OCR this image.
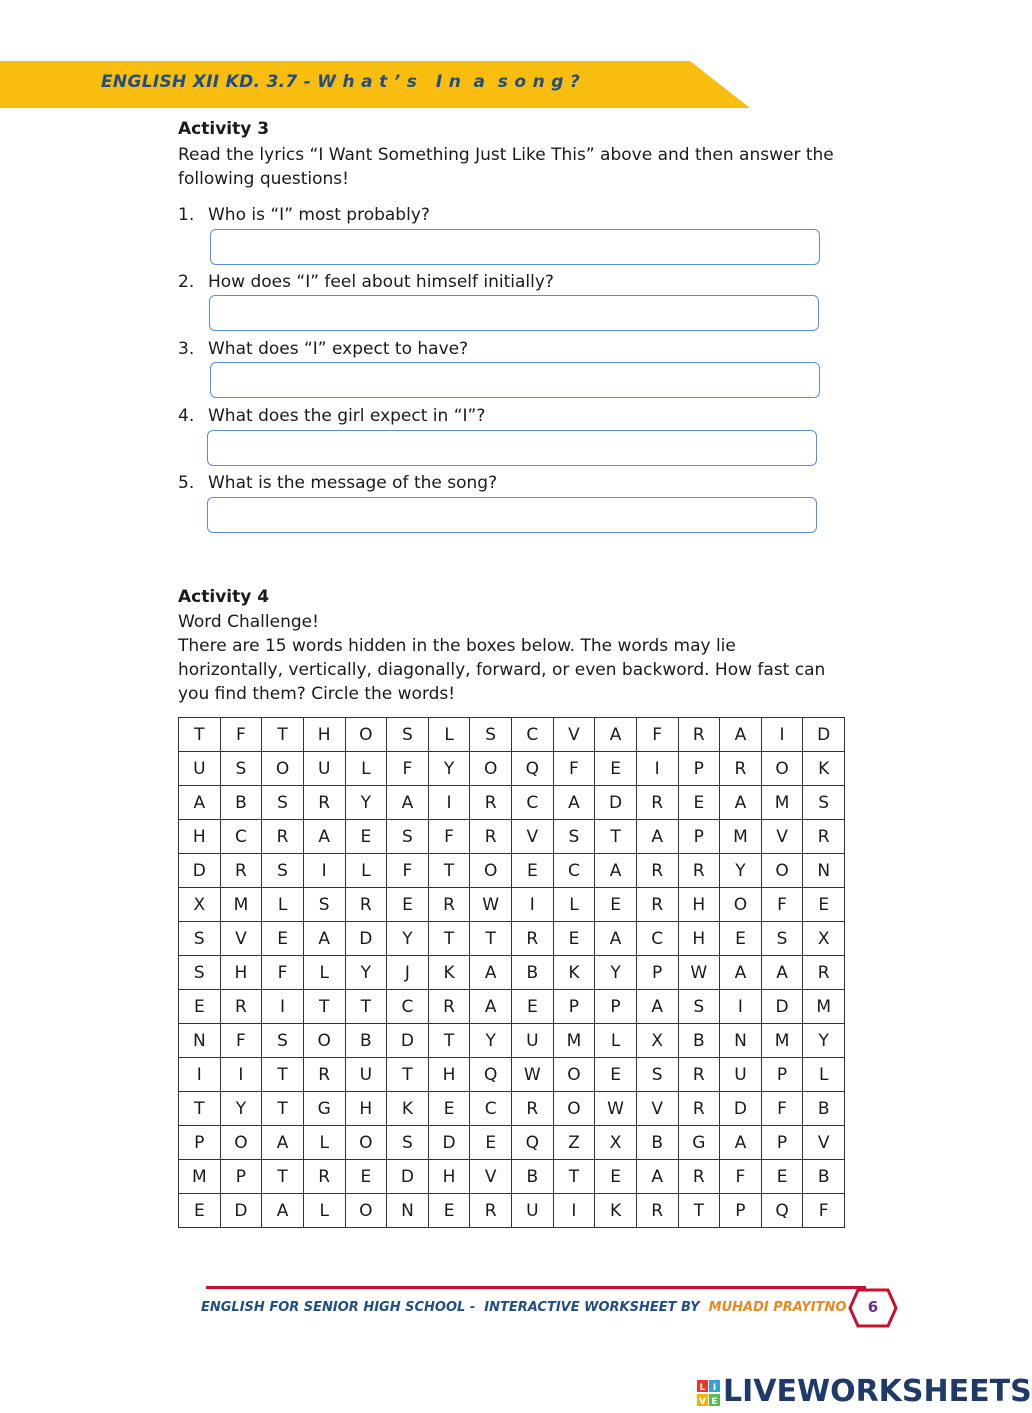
ENGLISH XII KD. 3.7 - W h a t ’ s   I n  a  s o n g ?
Activity 3
Read the lyrics “I Want Something Just Like This” above and then answer the following questions!
1. Who is “I” most probably?
2. How does “I” feel about himself initially?
3. What does “I” expect to have?
4. What does the girl expect in “I”?
5. What is the message of the song?
Activity 4
Word Challenge!
There are 15 words hidden in the boxes below. The words may lie horizontally, vertically, diagonally, forward, or even backword. How fast can you find them? Circle the words!
T	F	T	H	O	S	L	S	C	V	A	F	R	A	I	D
U	S	O	U	L	F	Y	O	Q	F	E	I	P	R	O	K
A	B	S	R	Y	A	I	R	C	A	D	R	E	A	M	S
H	C	R	A	E	S	F	R	V	S	T	A	P	M	V	R
D	R	S	I	L	F	T	O	E	C	A	R	R	Y	O	N
X	M	L	S	R	E	R	W	I	L	E	R	H	O	F	E
S	V	E	A	D	Y	T	T	R	E	A	C	H	E	S	X
S	H	F	L	Y	J	K	A	B	K	Y	P	W	A	A	R
E	R	I	T	T	C	R	A	E	P	P	A	S	I	D	M
N	F	S	O	B	D	T	Y	U	M	L	X	B	N	M	Y
I	I	T	R	U	T	H	Q	W	O	E	S	R	U	P	L
T	Y	T	G	H	K	E	C	R	O	W	V	R	D	F	B
P	O	A	L	O	S	D	E	Q	Z	X	B	G	A	P	V
M	P	T	R	E	D	H	V	B	T	E	A	R	F	E	B
E	D	A	L	O	N	E	R	U	I	K	R	T	P	Q	F
ENGLISH FOR SENIOR HIGH SCHOOL -  INTERACTIVE WORKSHEET BY  MUHADI PRAYITNO	6
L I
V E LIVEWORKSHEETS
